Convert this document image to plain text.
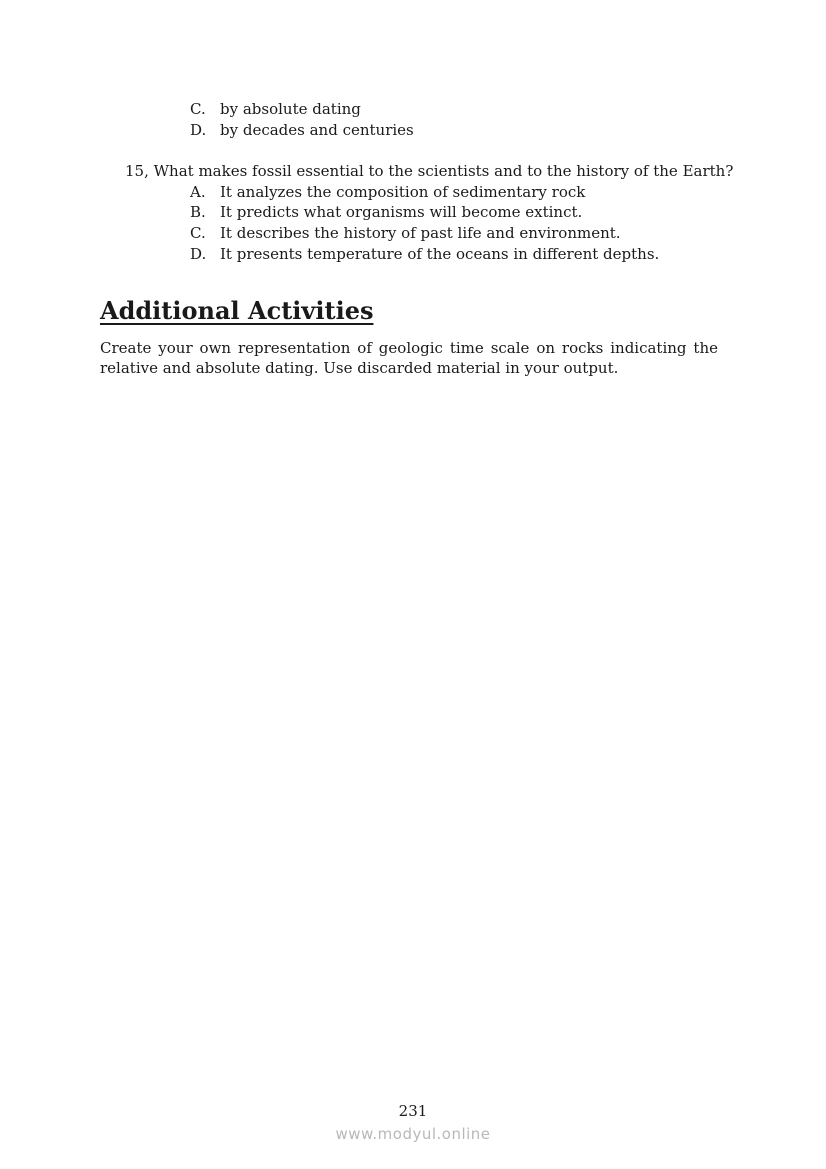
C. by absolute dating
D. by decades and centuries
15, What makes fossil essential to the scientists and to the history of the Earth?
A. It analyzes the composition of sedimentary rock
B. It predicts what organisms will become extinct.
C. It describes the history of past life and environment.
D. It presents temperature of the oceans in different depths.
Additional Activities
Create your own representation of geologic time scale on rocks indicating the
relative and absolute dating. Use discarded material in your output.
231
www.modyul.online
